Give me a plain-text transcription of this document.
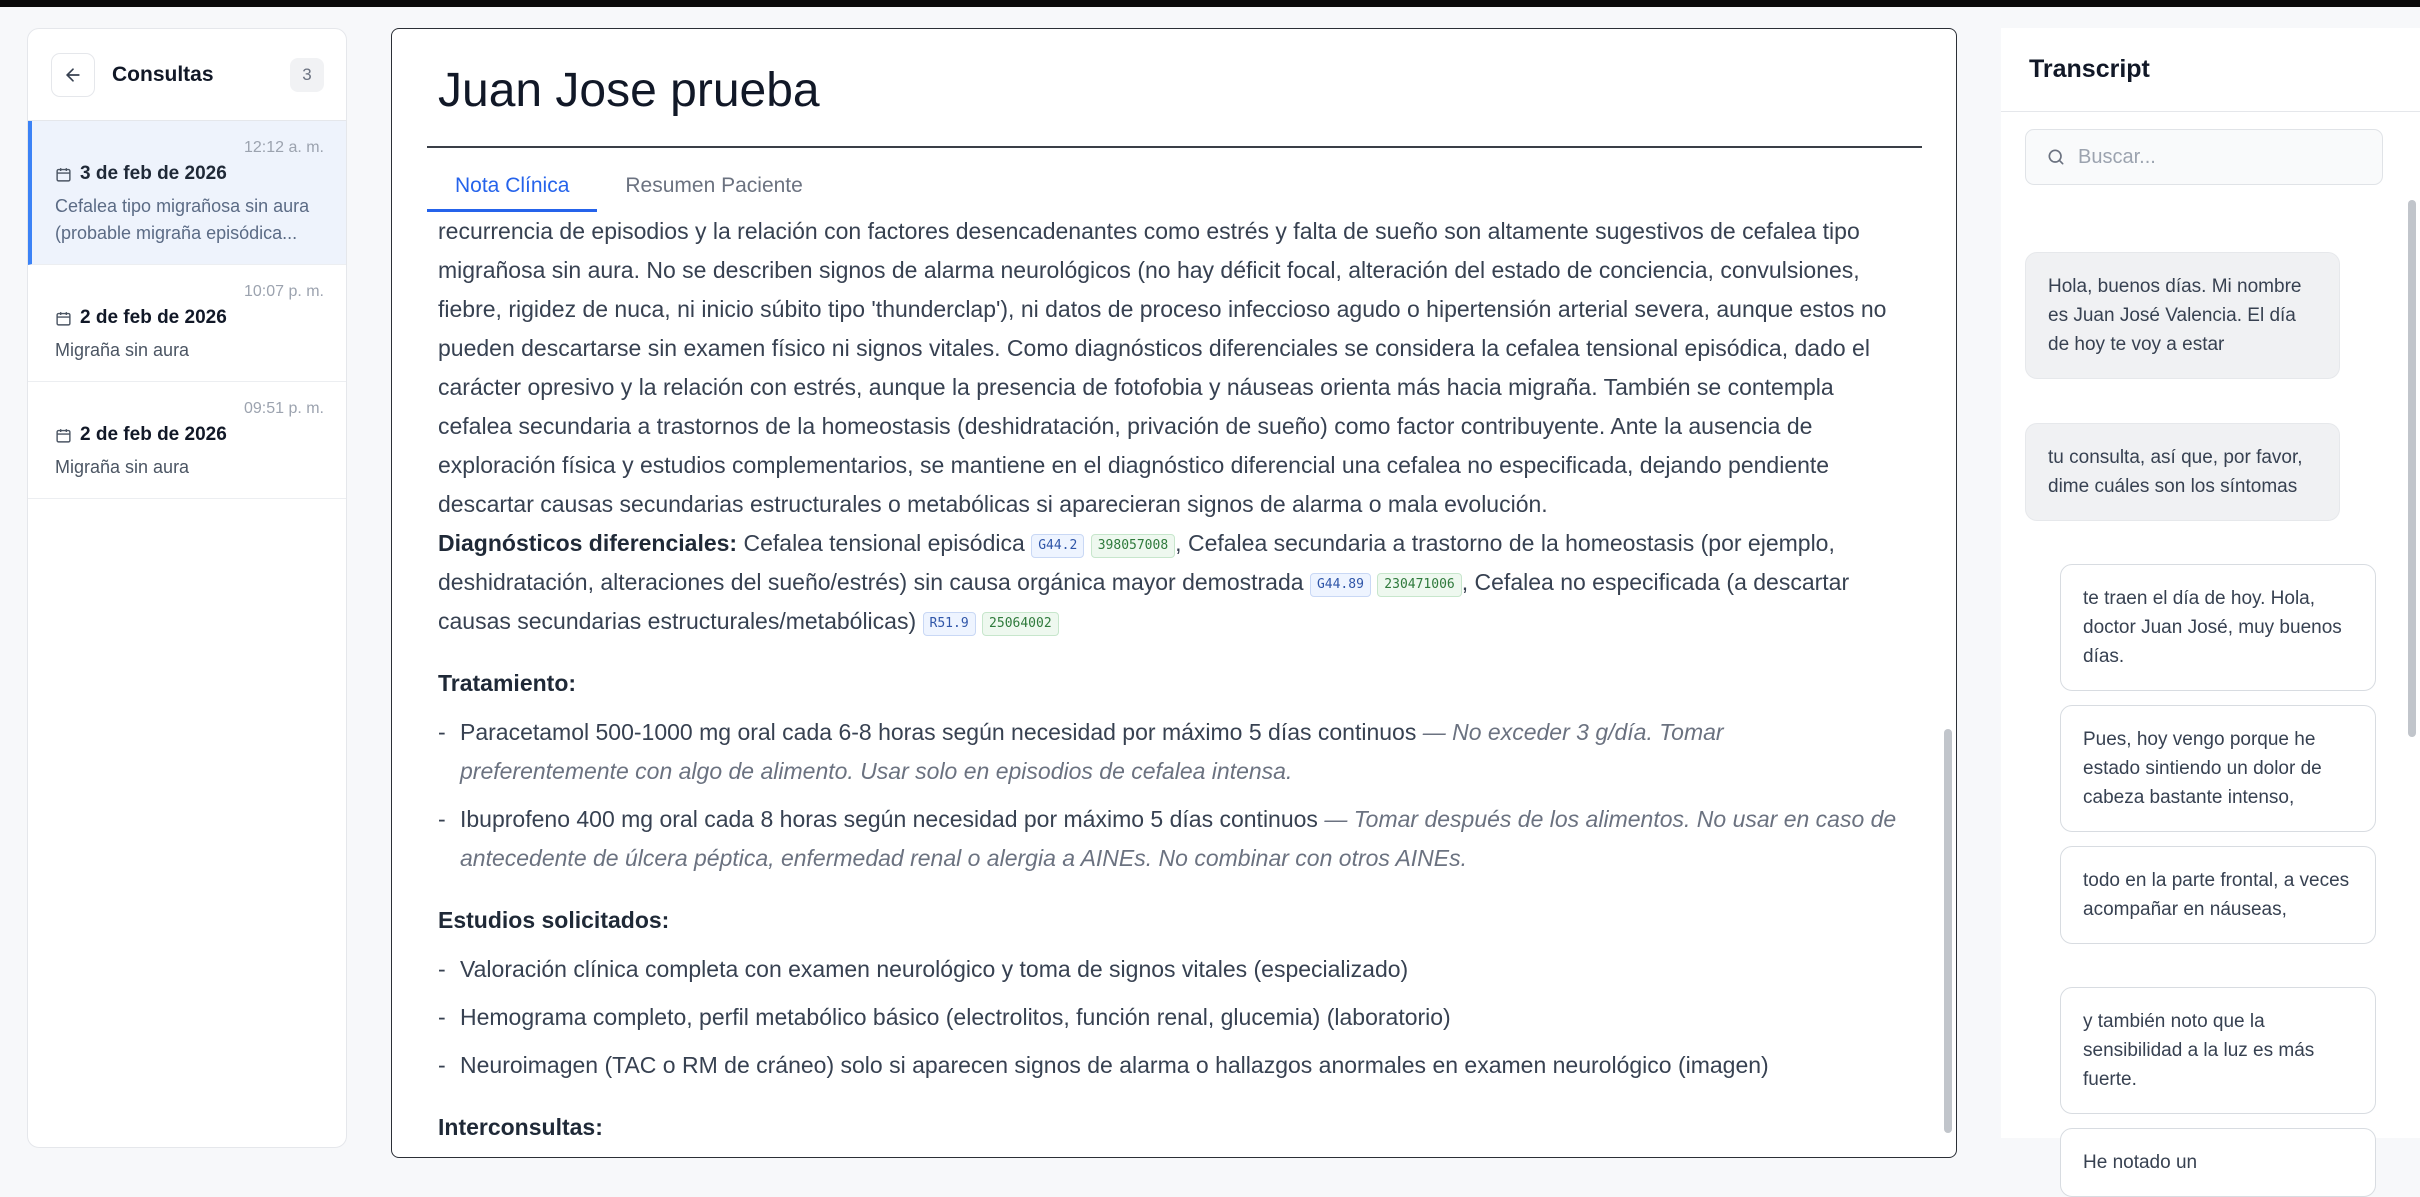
Consultas	3
12:12 a. m.
3 de feb de 2026
Cefalea tipo migrañosa sin aura (probable migraña episódica...
10:07 p. m.
2 de feb de 2026
Migraña sin aura
09:51 p. m.
2 de feb de 2026
Migraña sin aura
Juan Jose prueba
Nota Clínica	Resumen Paciente

recurrencia de episodios y la relación con factores desencadenantes como estrés y falta de sueño son altamente sugestivos de cefalea tipo

migrañosa sin aura. No se describen signos de alarma neurológicos (no hay déficit focal, alteración del estado de conciencia, convulsiones, fiebre, rigidez de nuca, ni inicio súbito tipo 'thunderclap'), ni datos de proceso infeccioso agudo o hipertensión arterial severa, aunque estos no pueden descartarse sin examen físico ni signos vitales. Como diagnósticos diferenciales se considera la cefalea tensional episódica, dado el carácter opresivo y la relación con estrés, aunque la presencia de fotofobia y náuseas orienta más hacia migraña. También se contempla cefalea secundaria a trastornos de la homeostasis (deshidratación, privación de sueño) como factor contribuyente. Ante la ausencia de exploración física y estudios complementarios, se mantiene en el diagnóstico diferencial una cefalea no especificada, dejando pendiente descartar causas secundarias estructurales o metabólicas si aparecieran signos de alarma o mala evolución.

Diagnósticos diferenciales: Cefalea tensional episódica G44.2 398057008 , Cefalea secundaria a trastorno de la homeostasis (por ejemplo, deshidratación, alteraciones del sueño/estrés) sin causa orgánica mayor demostrada G44.89 230471006 , Cefalea no especificada (a descartar causas secundarias estructurales/metabólicas) R51.9 25064002

Tratamiento:
- Paracetamol 500-1000 mg oral cada 6-8 horas según necesidad por máximo 5 días continuos — No exceder 3 g/día. Tomar preferentemente con algo de alimento. Usar solo en episodios de cefalea intensa.
- Ibuprofeno 400 mg oral cada 8 horas según necesidad por máximo 5 días continuos — Tomar después de los alimentos. No usar en caso de antecedente de úlcera péptica, enfermedad renal o alergia a AINEs. No combinar con otros AINEs.
Estudios solicitados:
- Valoración clínica completa con examen neurológico y toma de signos vitales (especializado)
- Hemograma completo, perfil metabólico básico (electrolitos, función renal, glucemia) (laboratorio)
- Neuroimagen (TAC o RM de cráneo) solo si aparecen signos de alarma o hallazgos anormales en examen neurológico (imagen)
Interconsultas:
Transcript
Buscar...
Hola, buenos días. Mi nombre es Juan José Valencia. El día de hoy te voy a estar
tu consulta, así que, por favor, dime cuáles son los síntomas
te traen el día de hoy. Hola, doctor Juan José, muy buenos días.
Pues, hoy vengo porque he estado sintiendo un dolor de cabeza bastante intenso,
todo en la parte frontal, a veces acompañar en náuseas,
y también noto que la sensibilidad a la luz es más fuerte.
He notado un
